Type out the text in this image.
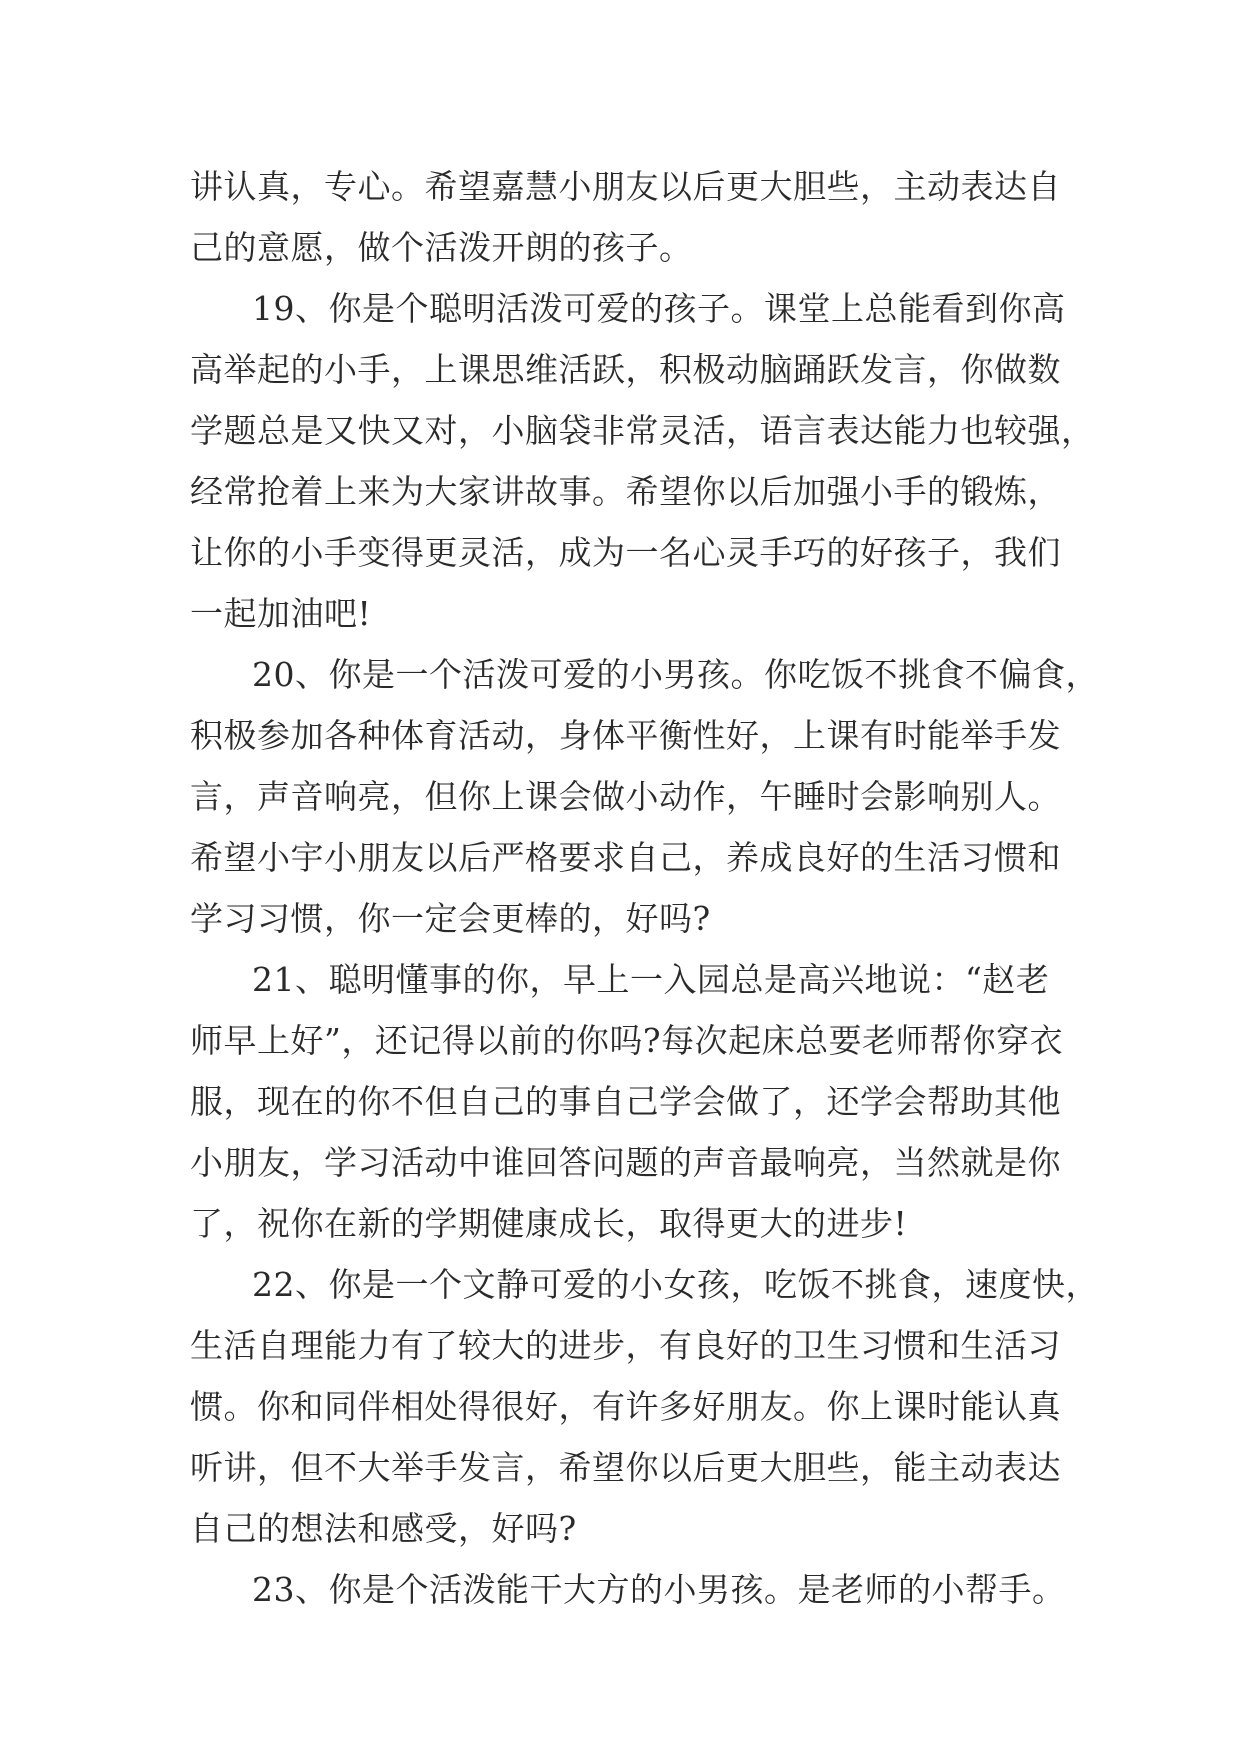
讲认真，专心。希望嘉慧小朋友以后更大胆些，主动表达自
己的意愿，做个活泼开朗的孩子。
19、你是个聪明活泼可爱的孩子。课堂上总能看到你高
高举起的小手，上课思维活跃，积极动脑踊跃发言，你做数
学题总是又快又对，小脑袋非常灵活，语言表达能力也较强，
经常抢着上来为大家讲故事。希望你以后加强小手的锻炼，
让你的小手变得更灵活，成为一名心灵手巧的好孩子，我们
一起加油吧!
20、你是一个活泼可爱的小男孩。你吃饭不挑食不偏食，
积极参加各种体育活动，身体平衡性好，上课有时能举手发
言，声音响亮，但你上课会做小动作，午睡时会影响别人。
希望小宇小朋友以后严格要求自己，养成良好的生活习惯和
学习习惯，你一定会更棒的，好吗?
21、聪明懂事的你，早上一入园总是高兴地说：“赵老
师早上好”，还记得以前的你吗?每次起床总要老师帮你穿衣
服，现在的你不但自己的事自己学会做了，还学会帮助其他
小朋友，学习活动中谁回答问题的声音最响亮，当然就是你
了，祝你在新的学期健康成长，取得更大的进步!
22、你是一个文静可爱的小女孩，吃饭不挑食，速度快，
生活自理能力有了较大的进步，有良好的卫生习惯和生活习
惯。你和同伴相处得很好，有许多好朋友。你上课时能认真
听讲，但不大举手发言，希望你以后更大胆些，能主动表达
自己的想法和感受，好吗?
23、你是个活泼能干大方的小男孩。是老师的小帮手。
